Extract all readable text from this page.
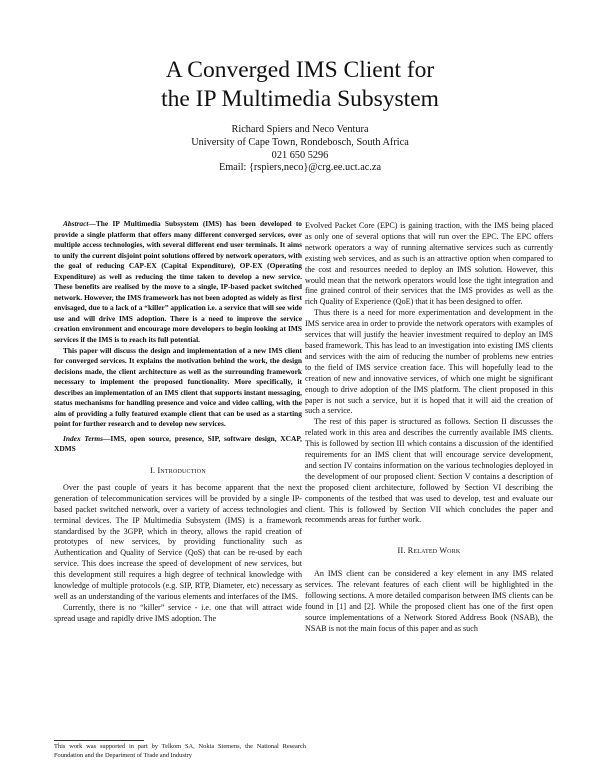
A Converged IMS Client for
the IP Multimedia Subsystem
Richard Spiers and Neco Ventura
University of Cape Town, Rondebosch, South Africa
021 650 5296
Email: {rspiers,neco}@crg.ee.uct.ac.za

Abstract—The IP Multimedia Subsystem (IMS) has been developed to provide a single platform that offers many different converged services, over multiple access technologies, with several different end user terminals. It aims to unify the current disjoint point solutions offered by network operators, with the goal of reducing CAP-EX (Capital Expenditure), OP-EX (Operating Expenditure) as well as reducing the time taken to develop a new service. These benefits are realised by the move to a single, IP-based packet switched network. However, the IMS framework has not been adopted as widely as first envisaged, due to a lack of a “killer” application i.e. a service that will see wide use and will drive IMS adoption. There is a need to improve the service creation environment and encourage more developers to begin looking at IMS services if the IMS is to reach its full potential.

This paper will discuss the design and implementation of a new IMS client for converged services. It explains the motivation behind the work, the design decisions made, the client architecture as well as the surrounding framework necessary to implement the proposed functionality. More specifically, it describes an implementation of an IMS client that supports instant messaging, status mechanisms for handling presence and voice and video calling, with the aim of providing a fully featured example client that can be used as a starting point for further research and to develop new services.

Index Terms—IMS, open source, presence, SIP, software design, XCAP, XDMS

I. Introduction

Over the past couple of years it has become apparent that the next generation of telecommunication services will be provided by a single IP-based packet switched network, over a variety of access technologies and terminal devices. The IP Multimedia Subsystem (IMS) is a framework standardised by the 3GPP, which in theory, allows the rapid creation of prototypes of new services, by providing functionality such as Authentication and Quality of Service (QoS) that can be re-used by each service. This does increase the speed of development of new services, but this development still requires a high degree of technical knowledge with knowledge of multiple protocols (e.g. SIP, RTP, Diameter, etc) necessary as well as an understanding of the various elements and interfaces of the IMS.

Currently, there is no “killer” service - i.e. one that will attract wide spread usage and rapidly drive IMS adoption. The

Evolved Packet Core (EPC) is gaining traction, with the IMS being placed as only one of several options that will run over the EPC. The EPC offers network operators a way of running alternative services such as currently existing web services, and as such is an attractive option when compared to the cost and resources needed to deploy an IMS solution. However, this would mean that the network operators would lose the tight integration and fine grained control of their services that the IMS provides as well as the rich Quality of Experience (QoE) that it has been designed to offer.

Thus there is a need for more experimentation and development in the IMS service area in order to provide the network operators with examples of services that will justify the heavier investment required to deploy an IMS based framework. This has lead to an investigation into existing IMS clients and services with the aim of reducing the number of problems new entries to the field of IMS service creation face. This will hopefully lead to the creation of new and innovative services, of which one might be significant enough to drive adoption of the IMS platform. The client proposed in this paper is not such a service, but it is hoped that it will aid the creation of such a service.

The rest of this paper is structured as follows. Section II discusses the related work in this area and describes the currently available IMS clients. This is followed by section III which contains a discussion of the identified requirements for an IMS client that will encourage service development, and section IV contains information on the various technologies deployed in the development of our proposed client. Section V contains a description of the proposed client architecture, followed by Section VI describing the components of the testbed that was used to develop, test and evaluate our client. This is followed by Section VII which concludes the paper and recommends areas for further work.

II. Related Work

An IMS client can be considered a key element in any IMS related services. The relevant features of each client will be highlighted in the following sections. A more detailed comparison between IMS clients can be found in [1] and [2]. While the proposed client has one of the first open source implementations of a Network Stored Address Book (NSAB), the NSAB is not the main focus of this paper and as such

This work was supported in part by Telkom SA, Nokia Siemens, the National Research Foundation and the Department of Trade and Industry
